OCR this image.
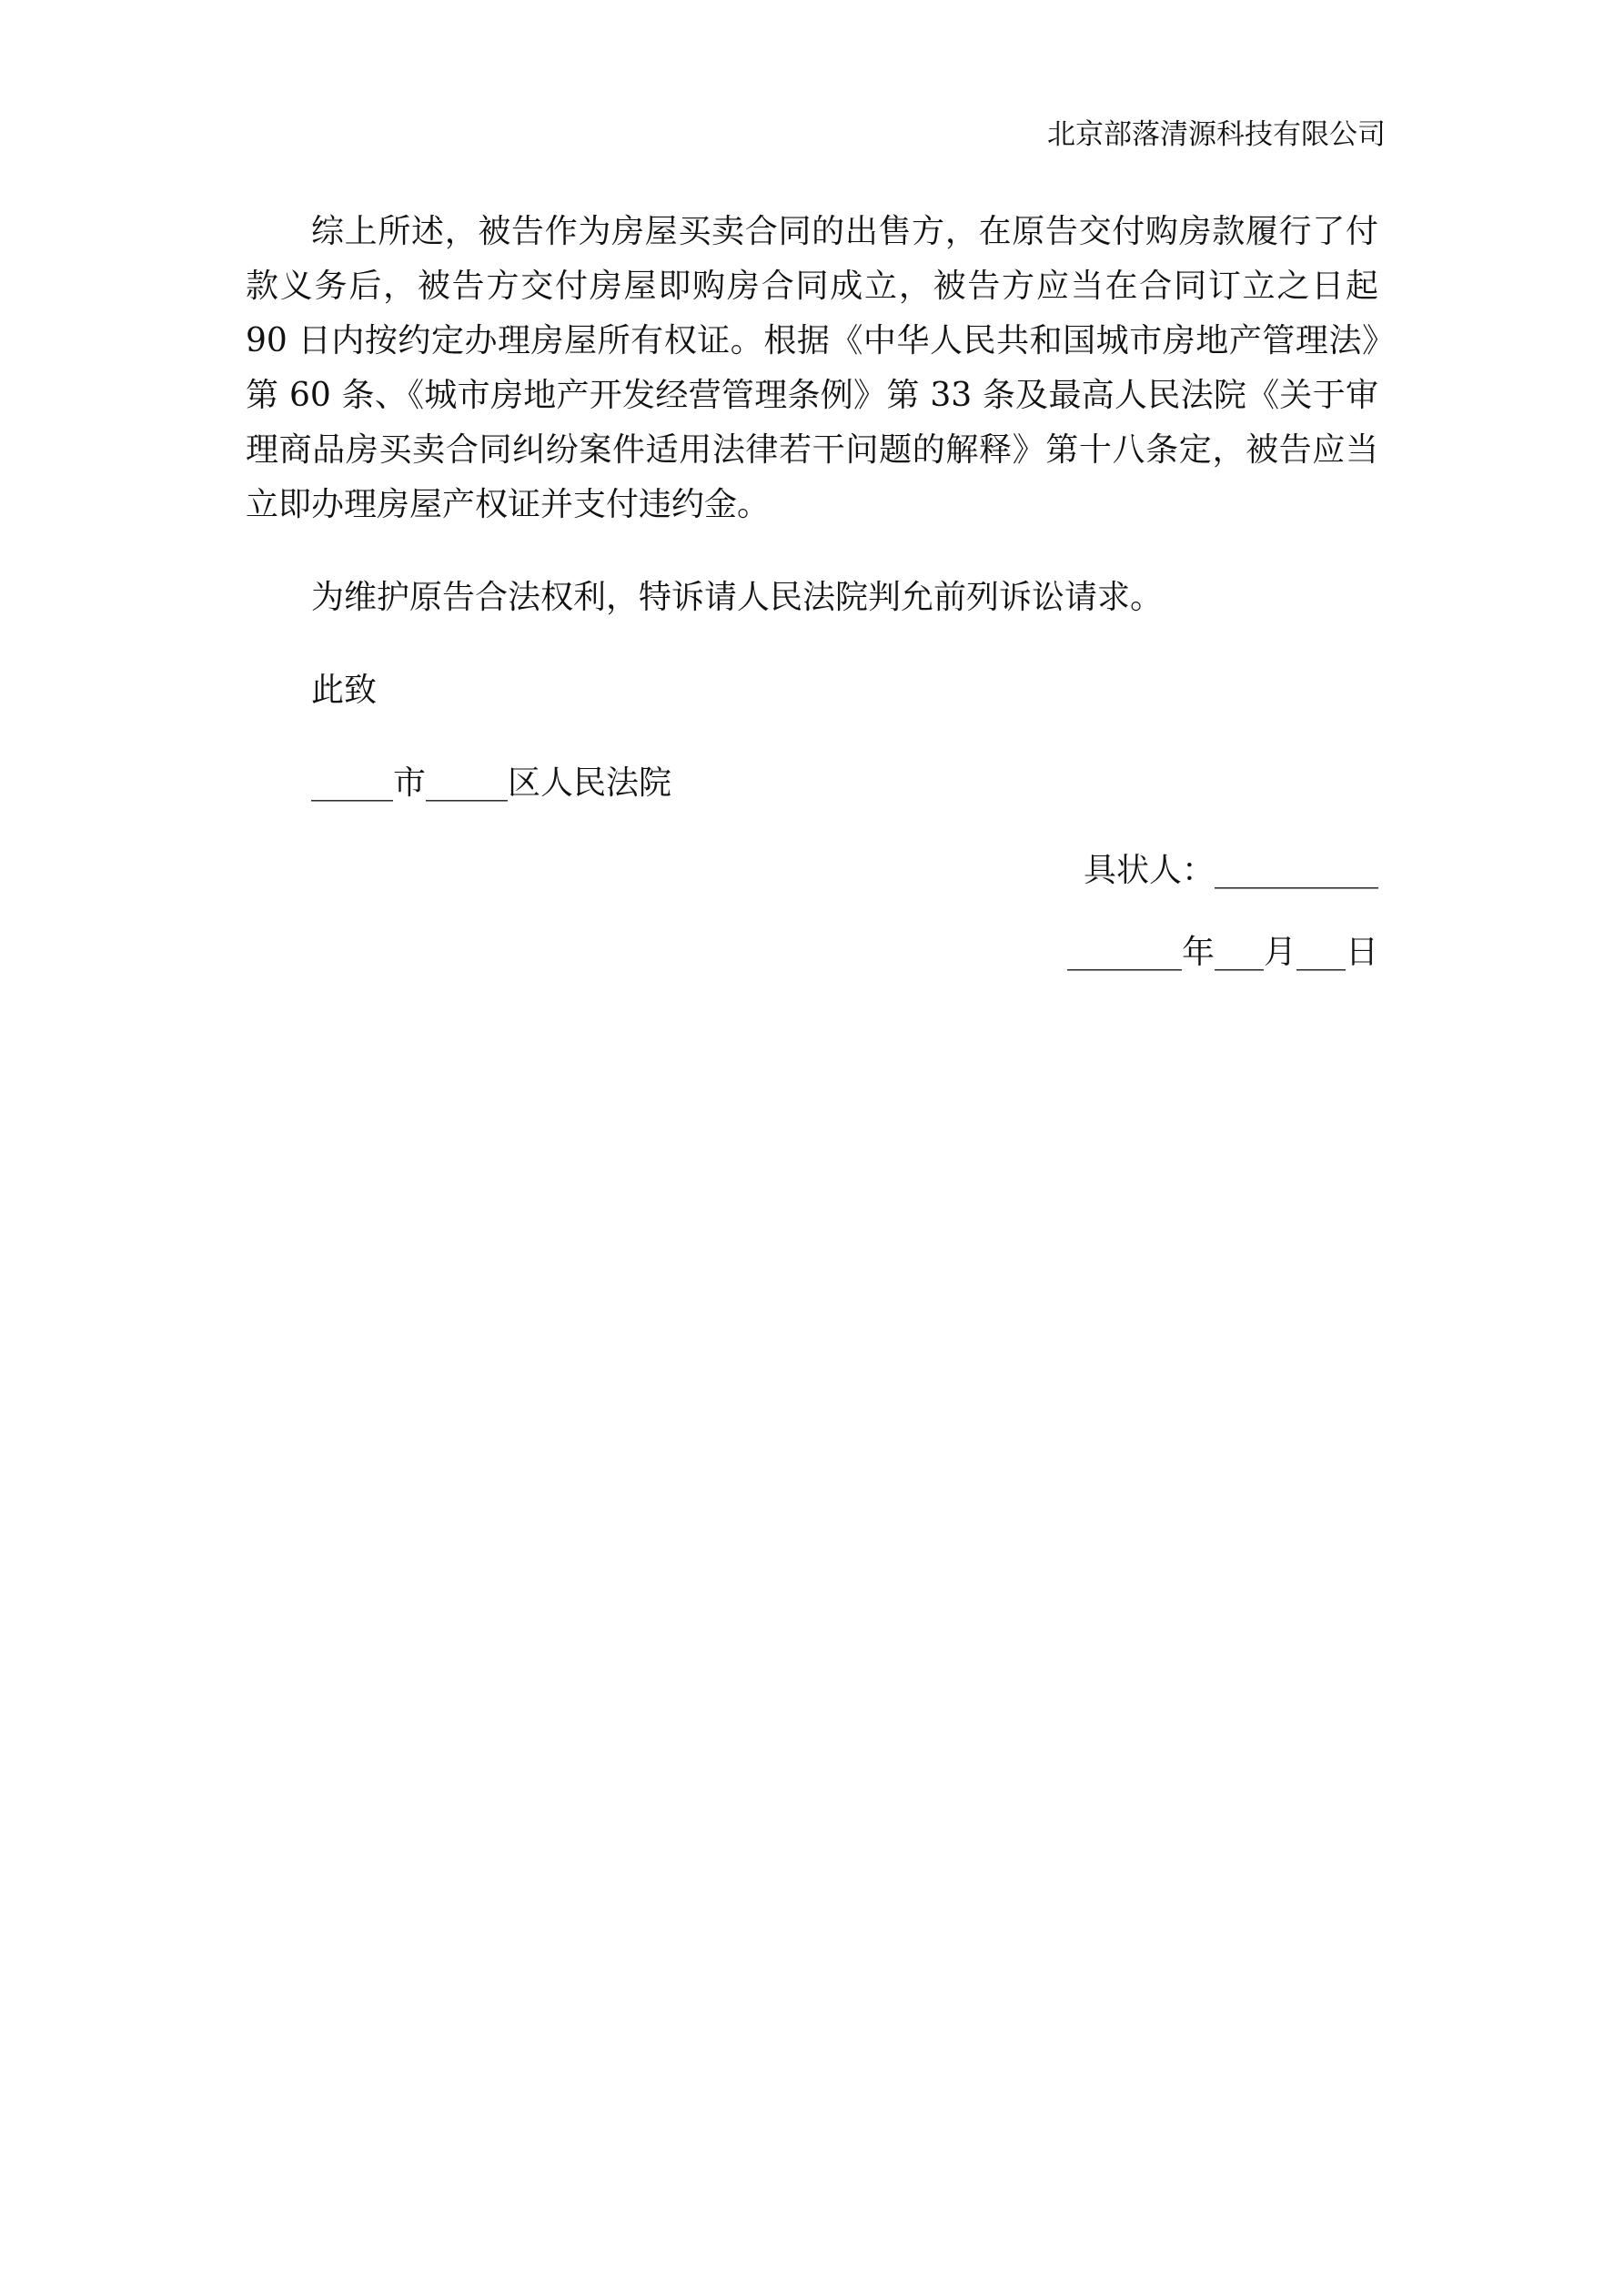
北京部落清源科技有限公司

综上所述，被告作为房屋买卖合同的出售方，在原告交付购房款履行了付款义务后，被告方交付房屋即购房合同成立，被告方应当在合同订立之日起 90 日内按约定办理房屋所有权证。根据《中华人民共和国城市房地产管理法》第 60 条、《城市房地产开发经营管理条例》第 33 条及最高人民法院《关于审理商品房买卖合同纠纷案件适用法律若干问题的解释》第十八条定，被告应当立即办理房屋产权证并支付违约金。

为维护原告合法权利，特诉请人民法院判允前列诉讼请求。

此致

_____市_____区人民法院

具状人：__________

_______年___月___日
